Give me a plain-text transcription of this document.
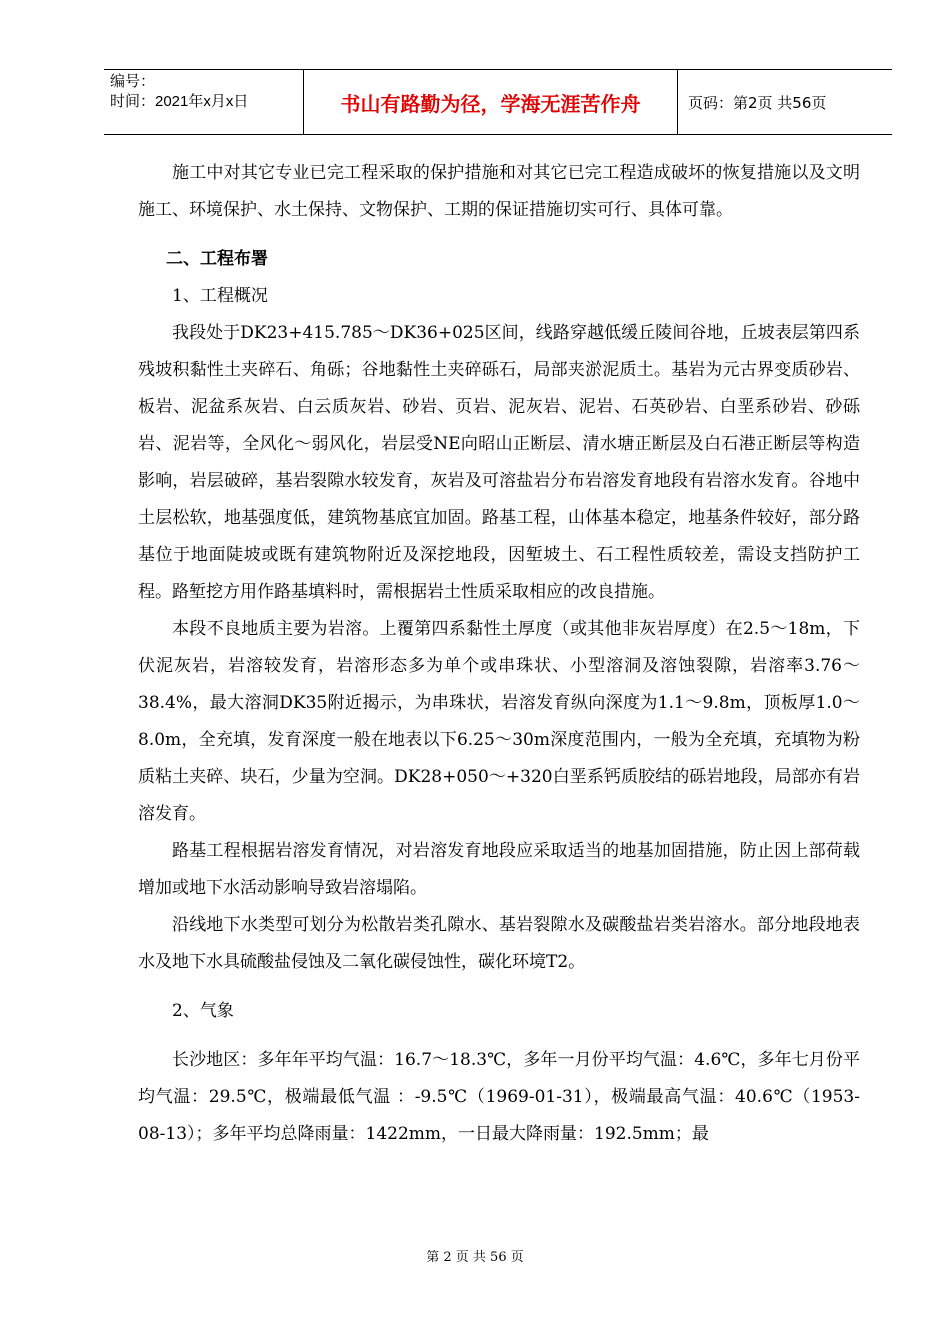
编号：
时间：2021年x月x日	书山有路勤为径，学海无涯苦作舟	页码：第2页 共56页

施工中对其它专业已完工程采取的保护措施和对其它已完工程造成破坏的恢复措施以及文明施工、环境保护、水土保持、文物保护、工期的保证措施切实可行、具体可靠。

二、工程布署

1、工程概况

我段处于DK23+415.785～DK36+025区间，线路穿越低缓丘陵间谷地，丘坡表层第四系残坡积黏性土夹碎石、角砾；谷地黏性土夹碎砾石，局部夹淤泥质土。基岩为元古界变质砂岩、板岩、泥盆系灰岩、白云质灰岩、砂岩、页岩、泥灰岩、泥岩、石英砂岩、白垩系砂岩、砂砾岩、泥岩等，全风化～弱风化，岩层受NE向昭山正断层、清水塘正断层及白石港正断层等构造影响，岩层破碎，基岩裂隙水较发育，灰岩及可溶盐岩分布岩溶发育地段有岩溶水发育。谷地中土层松软，地基强度低，建筑物基底宜加固。路基工程，山体基本稳定，地基条件较好，部分路基位于地面陡坡或既有建筑物附近及深挖地段，因堑坡土、石工程性质较差，需设支挡防护工程。路堑挖方用作路基填料时，需根据岩土性质采取相应的改良措施。

本段不良地质主要为岩溶。上覆第四系黏性土厚度（或其他非灰岩厚度）在2.5～18m，下伏泥灰岩，岩溶较发育，岩溶形态多为单个或串珠状、小型溶洞及溶蚀裂隙，岩溶率3.76～38.4%，最大溶洞DK35附近揭示，为串珠状，岩溶发育纵向深度为1.1～9.8m，顶板厚1.0～8.0m，全充填，发育深度一般在地表以下6.25～30m深度范围内，一般为全充填，充填物为粉质粘土夹碎、块石，少量为空洞。DK28+050～+320白垩系钙质胶结的砾岩地段，局部亦有岩溶发育。

路基工程根据岩溶发育情况，对岩溶发育地段应采取适当的地基加固措施，防止因上部荷载增加或地下水活动影响导致岩溶塌陷。

沿线地下水类型可划分为松散岩类孔隙水、基岩裂隙水及碳酸盐岩类岩溶水。部分地段地表水及地下水具硫酸盐侵蚀及二氧化碳侵蚀性，碳化环境T2。

2、气象

长沙地区：多年年平均气温：16.7～18.3℃，多年一月份平均气温：4.6℃，多年七月份平均气温：29.5℃，极端最低气温 ：-9.5℃（1969-01-31），极端最高气温：40.6℃（1953-08-13）；多年平均总降雨量：1422mm，一日最大降雨量：192.5mm；最

第 2 页 共 56 页
